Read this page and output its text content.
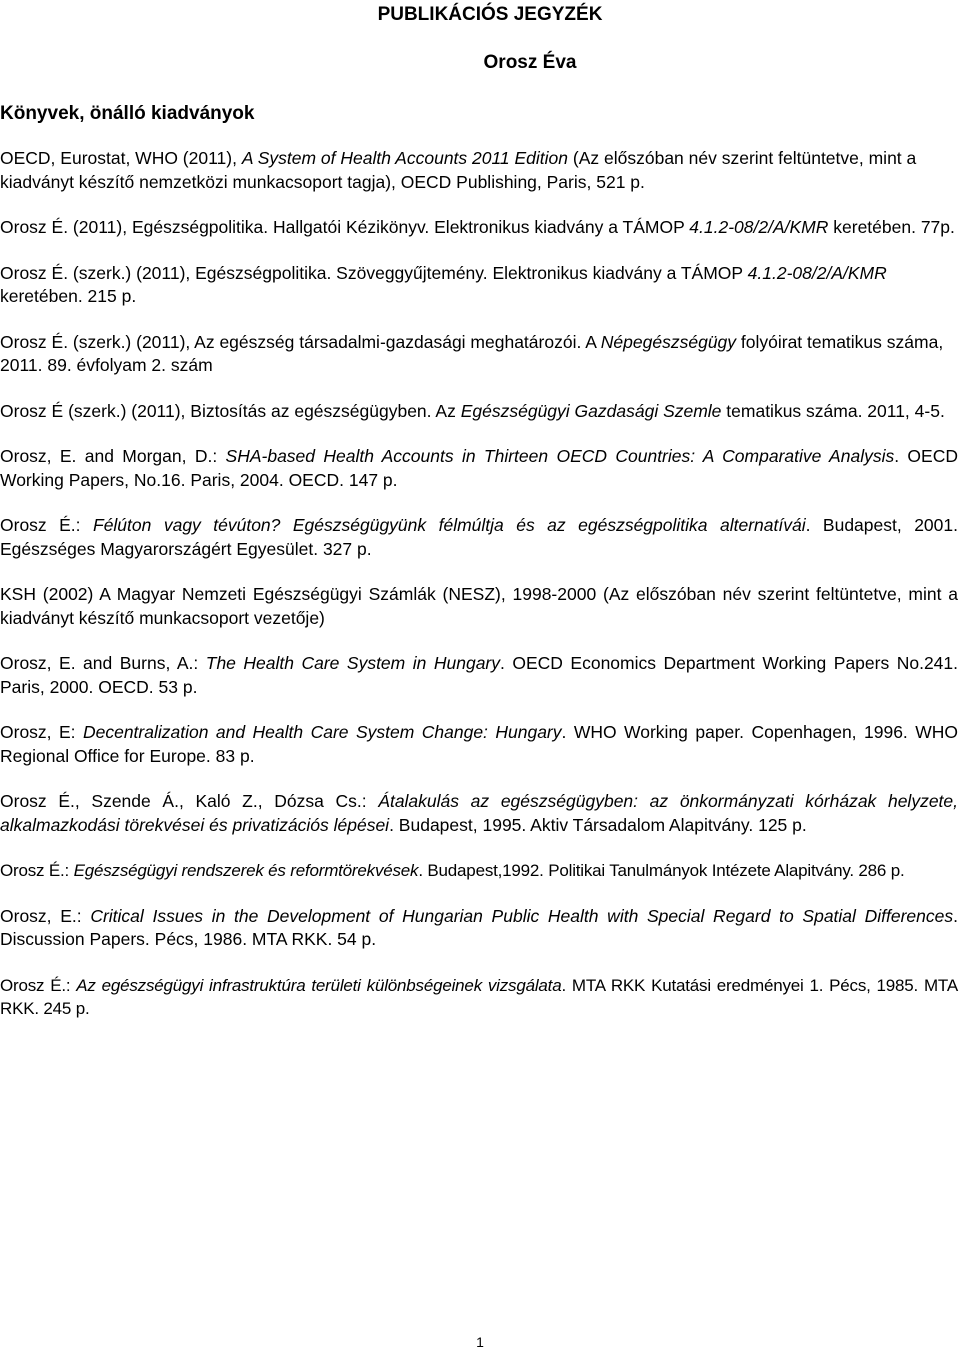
PUBLIKÁCIÓS JEGYZÉK
Orosz Éva
Könyvek, önálló kiadványok

OECD, Eurostat, WHO (2011), A System of Health Accounts 2011 Edition (Az előszóban név szerint feltüntetve, mint a kiadványt készítő nemzetközi munkacsoport tagja), OECD Publishing, Paris, 521 p.

Orosz É. (2011), Egészségpolitika. Hallgatói Kézikönyv. Elektronikus kiadvány a TÁMOP 4.1.2-08/2/A/KMR keretében. 77p.

Orosz É. (szerk.) (2011), Egészségpolitika. Szöveggyűjtemény. Elektronikus kiadvány a TÁMOP 4.1.2-08/2/A/KMR keretében. 215 p.

Orosz É. (szerk.) (2011), Az egészség társadalmi-gazdasági meghatározói. A Népegészségügy folyóirat tematikus száma, 2011. 89. évfolyam 2. szám

Orosz É (szerk.) (2011), Biztosítás az egészségügyben. Az Egészségügyi Gazdasági Szemle tematikus száma. 2011, 4-5.

Orosz, E. and Morgan, D.: SHA-based Health Accounts in Thirteen OECD Countries: A Comparative Analysis. OECD Working Papers, No.16. Paris, 2004. OECD. 147 p.

Orosz É.: Félúton vagy tévúton? Egészségügyünk félmúltja és az egészségpolitika alternatívái. Budapest, 2001. Egészséges Magyarországért Egyesület. 327 p.

KSH (2002) A Magyar Nemzeti Egészségügyi Számlák (NESZ), 1998-2000 (Az előszóban név szerint feltüntetve, mint a kiadványt készítő munkacsoport vezetője)

Orosz, E. and Burns, A.: The Health Care System in Hungary. OECD Economics Department Working Papers No.241. Paris, 2000. OECD. 53 p.

Orosz, E: Decentralization and Health Care System Change: Hungary. WHO Working paper. Copenhagen, 1996. WHO Regional Office for Europe. 83 p.

Orosz É., Szende Á., Kaló Z., Dózsa Cs.: Átalakulás az egészségügyben: az önkormányzati kórházak helyzete, alkalmazkodási törekvései és privatizációs lépései. Budapest, 1995. Aktiv Társadalom Alapitvány. 125 p.

Orosz É.: Egészségügyi rendszerek és reformtörekvések. Budapest,1992. Politikai Tanulmányok Intézete Alapitvány. 286 p.

Orosz, E.: Critical Issues in the Development of Hungarian Public Health with Special Regard to Spatial Differences. Discussion Papers. Pécs, 1986. MTA RKK. 54 p.

Orosz É.: Az egészségügyi infrastruktúra területi különbségeinek vizsgálata. MTA RKK Kutatási eredményei 1. Pécs, 1985. MTA RKK. 245 p.

1
